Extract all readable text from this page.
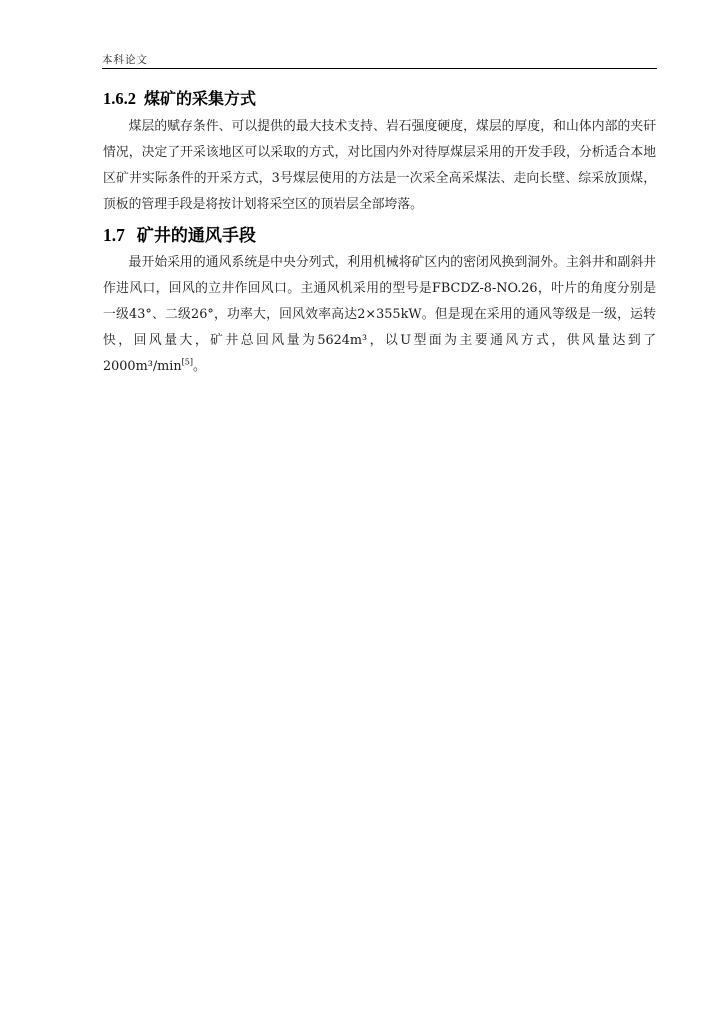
本科论文
1.6.2 煤矿的采集方式

煤层的赋存条件、可以提供的最大技术支持、岩石强度硬度，煤层的厚度，和山体内部的夹矸情况，决定了开采该地区可以采取的方式，对比国内外对待厚煤层采用的开发手段，分析适合本地区矿井实际条件的开采方式，3号煤层使用的方法是一次采全高采煤法、走向长壁、综采放顶煤，顶板的管理手段是将按计划将采空区的顶岩层全部垮落。

1.7 矿井的通风手段

最开始采用的通风系统是中央分列式，利用机械将矿区内的密闭风换到洞外。主斜井和副斜井作进风口，回风的立井作回风口。主通风机采用的型号是FBCDZ-8-NO.26，叶片的角度分别是一级43°、二级26°，功率大，回风效率高达2×355kW。但是现在采用的通风等级是一级，运转快，回风量大，矿井总回风量为5624m³，以U型面为主要通风方式，供风量达到了2000m³/min[5]。
